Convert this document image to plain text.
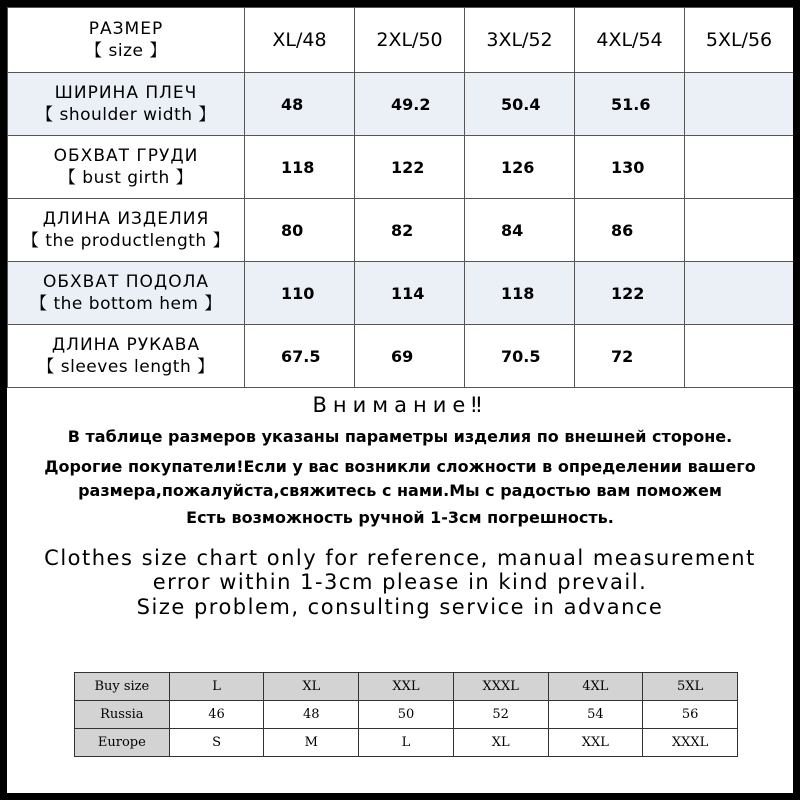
РАЗМЕР
【 size 】	XL/48	2XL/50	3XL/52	4XL/54	5XL/56

ШИРИНА ПЛЕЧ
【 shoulder width 】	48	49.2	50.4	51.6	

ОБХВАТ ГРУДИ
【 bust girth 】	118	122	126	130	

ДЛИНА ИЗДЕЛИЯ
【 the productlength 】	80	82	84	86	

ОБХВАТ ПОДОЛА
【 the bottom hem 】	110	114	118	122	

ДЛИНА РУКАВА
【 sleeves length 】	67.5	69	70.5	72	
Внимание‼
В таблице размеров указаны параметры изделия по внешней стороне.
Дорогие покупатели!Если у вас возникли сложности в определении вашего
размера,пожалуйста,свяжитесь с нами.Мы с радостью вам поможем
Есть возможность ручной 1-3cм погрешность.
Clothes size chart only for reference, manual measurement
error within 1-3cm please in kind prevail.
Size problem, consulting service in advance
Buy size	L	XL	XXL	XXXL	4XL	5XL
Russia	46	48	50	52	54	56
Europe	S	M	L	XL	XXL	XXXL
